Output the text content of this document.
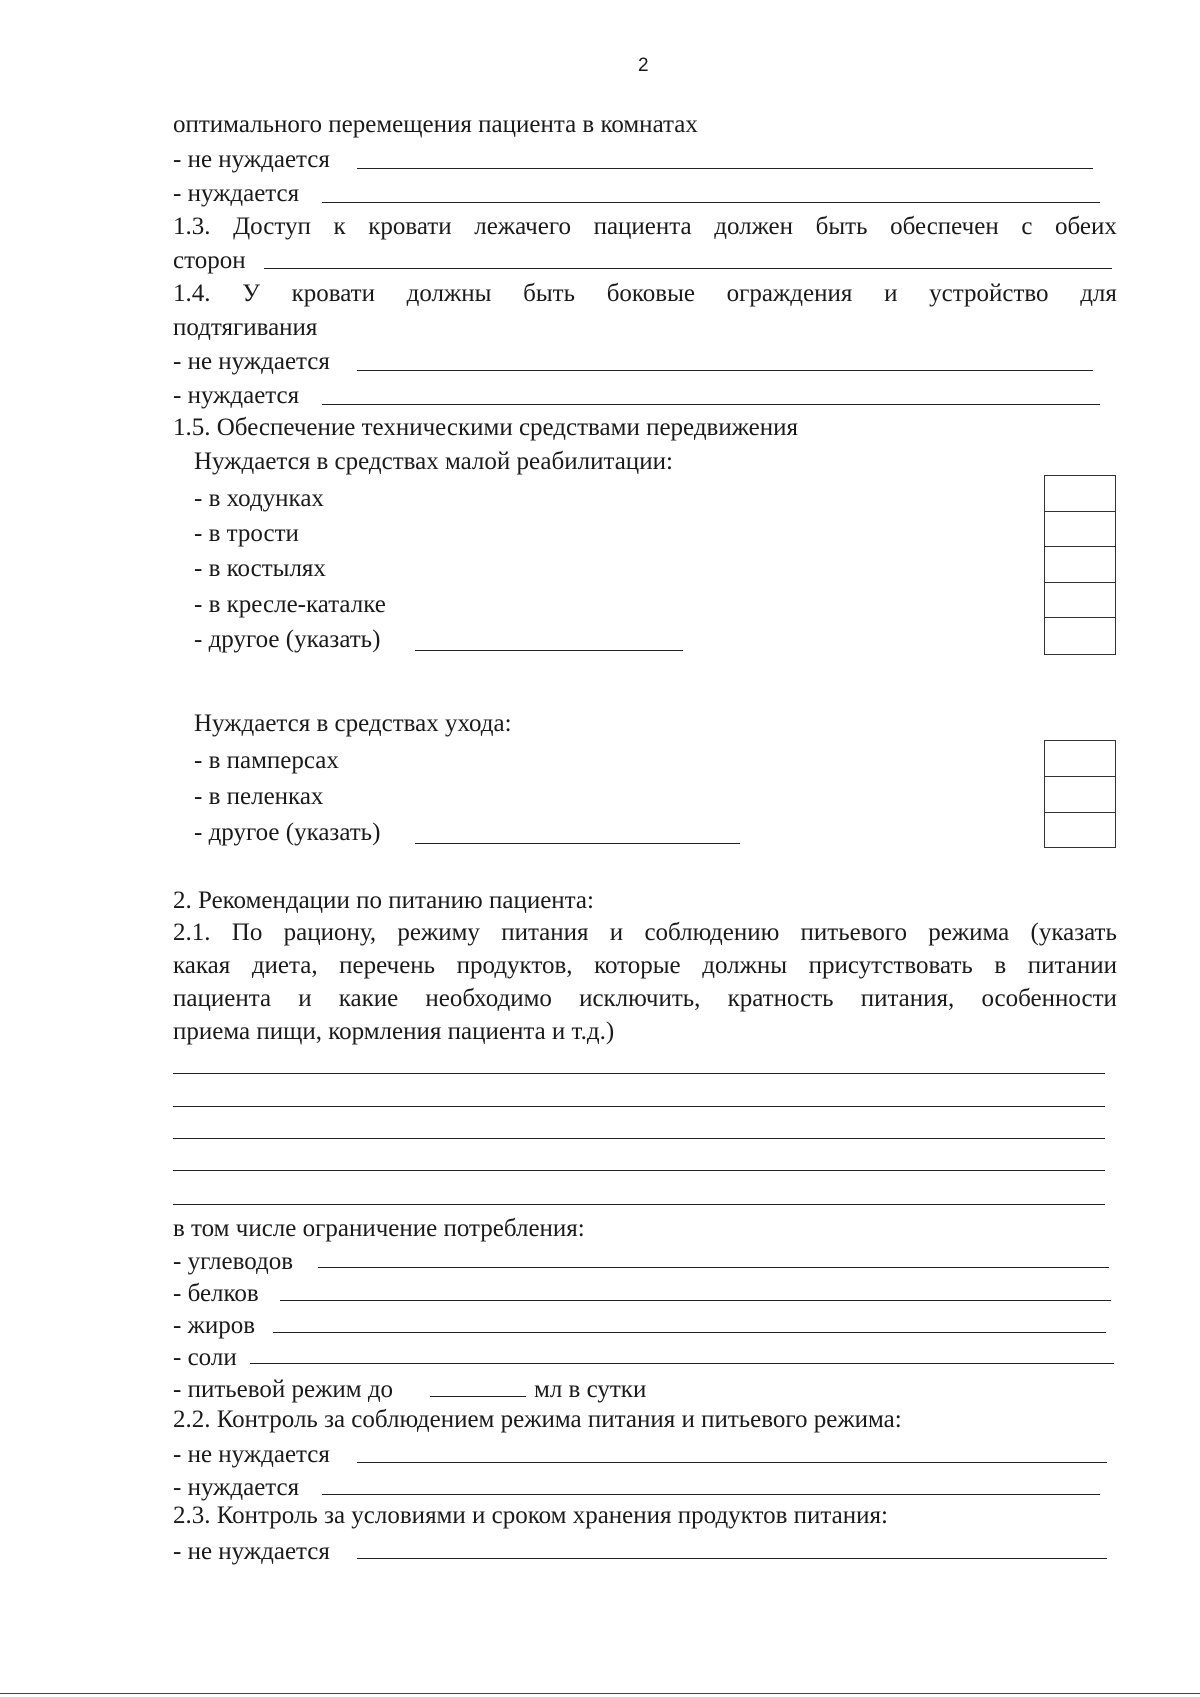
2
оптимального перемещения пациента в комнатах
- не нуждается
- нуждается
1.3. Доступ к кровати лежачего пациента должен быть обеспечен с обеих
сторон
1.4. У кровати должны быть боковые ограждения и устройство для
подтягивания
- не нуждается
- нуждается
1.5. Обеспечение техническими средствами передвижения
Нуждается в средствах малой реабилитации:
- в ходунках
- в трости
- в костылях
- в кресле-каталке
- другое (указать)
Нуждается в средствах ухода:
- в памперсах
- в пеленках
- другое (указать)
2. Рекомендации по питанию пациента:
2.1. По рациону, режиму питания и соблюдению питьевого режима (указать
какая диета, перечень продуктов, которые должны присутствовать в питании
пациента и какие необходимо исключить, кратность питания, особенности
приема пищи, кормления пациента и т.д.)
в том числе ограничение потребления:
- углеводов
- белков
- жиров
- соли
- питьевой режим до	мл в сутки
2.2. Контроль за соблюдением режима питания и питьевого режима:
- не нуждается
- нуждается
2.3. Контроль за условиями и сроком хранения продуктов питания:
- не нуждается
